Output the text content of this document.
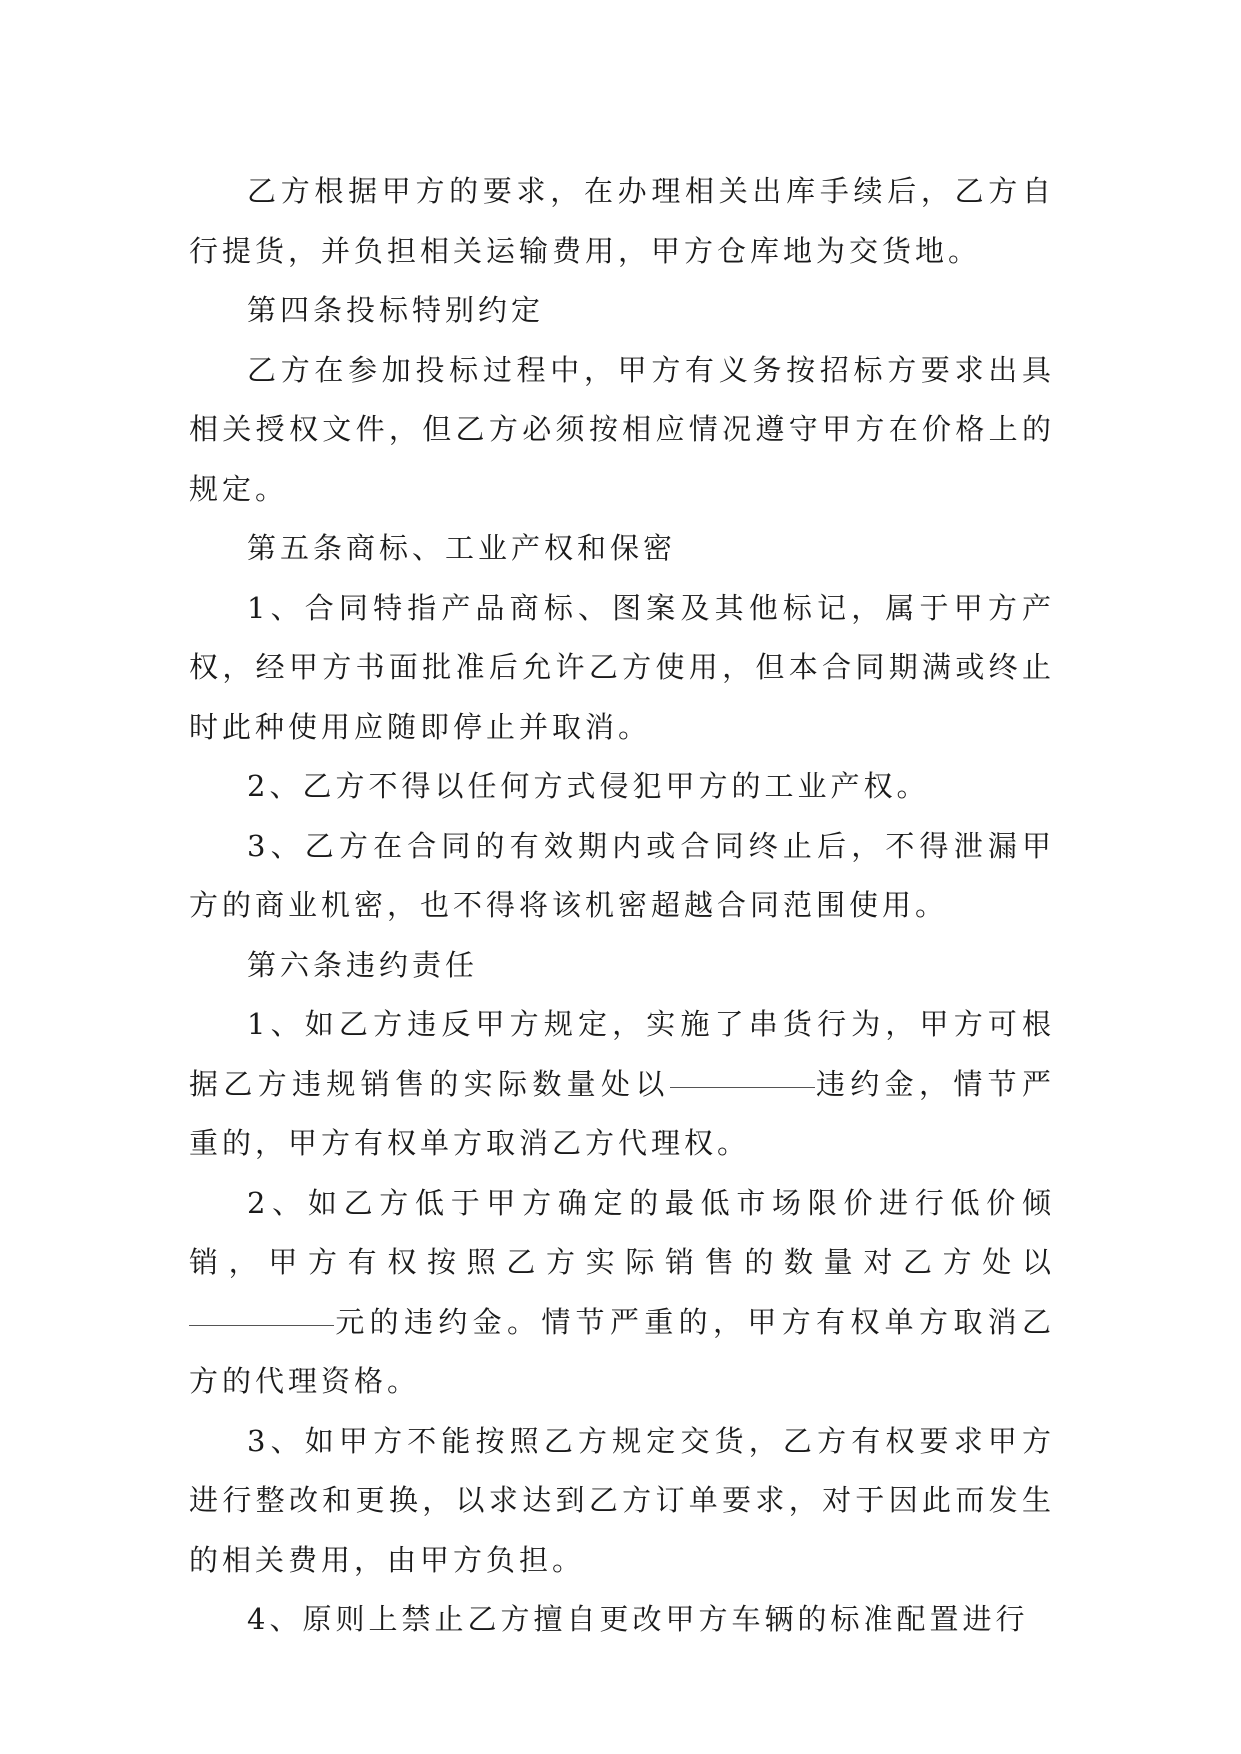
乙方根据甲方的要求，在办理相关出库手续后，乙方自行提货，并负担相关运输费用，甲方仓库地为交货地。

第四条投标特别约定

乙方在参加投标过程中，甲方有义务按招标方要求出具相关授权文件，但乙方必须按相应情况遵守甲方在价格上的规定。

第五条商标、工业产权和保密

1、合同特指产品商标、图案及其他标记，属于甲方产权，经甲方书面批准后允许乙方使用，但本合同期满或终止时此种使用应随即停止并取消。

2、乙方不得以任何方式侵犯甲方的工业产权。

3、乙方在合同的有效期内或合同终止后，不得泄漏甲方的商业机密，也不得将该机密超越合同范围使用。

第六条违约责任

1、如乙方违反甲方规定，实施了串货行为，甲方可根据乙方违规销售的实际数量处以	违约金，情节严重的，甲方有权单方取消乙方代理权。

2、如乙方低于甲方确定的最低市场限价进行低价倾销，甲方有权按照乙方实际销售的数量对乙方处以元的违约金。情节严重的，甲方有权单方取消乙方的代理资格。

3、如甲方不能按照乙方规定交货，乙方有权要求甲方进行整改和更换，以求达到乙方订单要求，对于因此而发生的相关费用，由甲方负担。

4、原则上禁止乙方擅自更改甲方车辆的标准配置进行
